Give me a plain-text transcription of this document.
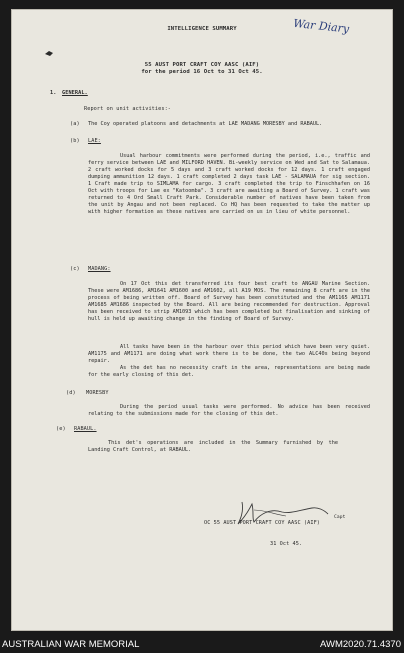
War Diary
INTELLIGENCE SUMMARY
55 AUST PORT CRAFT COY AASC (AIF)
for the period 16 Oct to 31 Oct 45.
1. GENERAL.
Report on unit activities:-
(a) The Coy operated platoons and detachments at LAE MADANG MORESBY and RABAUL.
(b) LAE:
Usual harbour commitments were performed during the period, i.e., traffic and ferry service between LAE and MILFORD HAVEN. Bi-weekly service on Wed and Sat to Salamaua. 2 craft worked docks for 5 days and 3 craft worked docks for 12 days. 1 craft engaged dumping ammunition 12 days. 1 craft completed 2 days task LAE - SALAMAUA for sig section. 1 Craft made trip to SIMLAMA for cargo. 3 craft completed the trip to Finschhafen on 16 Oct with troops for Lae ex "Katoomba". 3 craft are awaiting a Board of Survey. 1 craft was returned to 4 Ord Small Craft Park. Considerable number of natives have been taken from the unit by Angau and not been replaced. Co HQ has been requested to take the matter up with higher formation as these natives are carried on us in lieu of white personnel.
(c) MADANG:
On 17 Oct this det transferred its four best craft to ANGAU Marine Section. These were AM1686, AM1641 AM1600 and AM1602, all A19 MOS. The remaining 8 craft are in the process of being written off. Board of Survey has been constituted and the AM1165 AM1171 AM1685 AM1686 inspected by the Board. All are being recommended for destruction. Approval has been received to strip AM1093 which has been completed but finalisation and sinking of hull is held up awaiting change in the finding of Board of Survey.
All tasks have been in the harbour over this period which have been very quiet. AM1175 and AM1171 are doing what work there is to be done, the two ALC40s being beyond repair.
As the det has no necessity craft in the area, representations are being made for the early closing of this det.
(d) MORESBY
During the period usual tasks were performed. No advice has been received relating to the submissions made for the closing of this det.
(e) RABAUL.
This det's operations are included in the Summary furnished by the Landing Craft Control, at RABAUL.
Capt
OC 55 AUST PORT CRAFT COY AASC (AIF)
31 Oct 45.
AUSTRALIAN WAR MEMORIAL	AWM2020.71.4370
